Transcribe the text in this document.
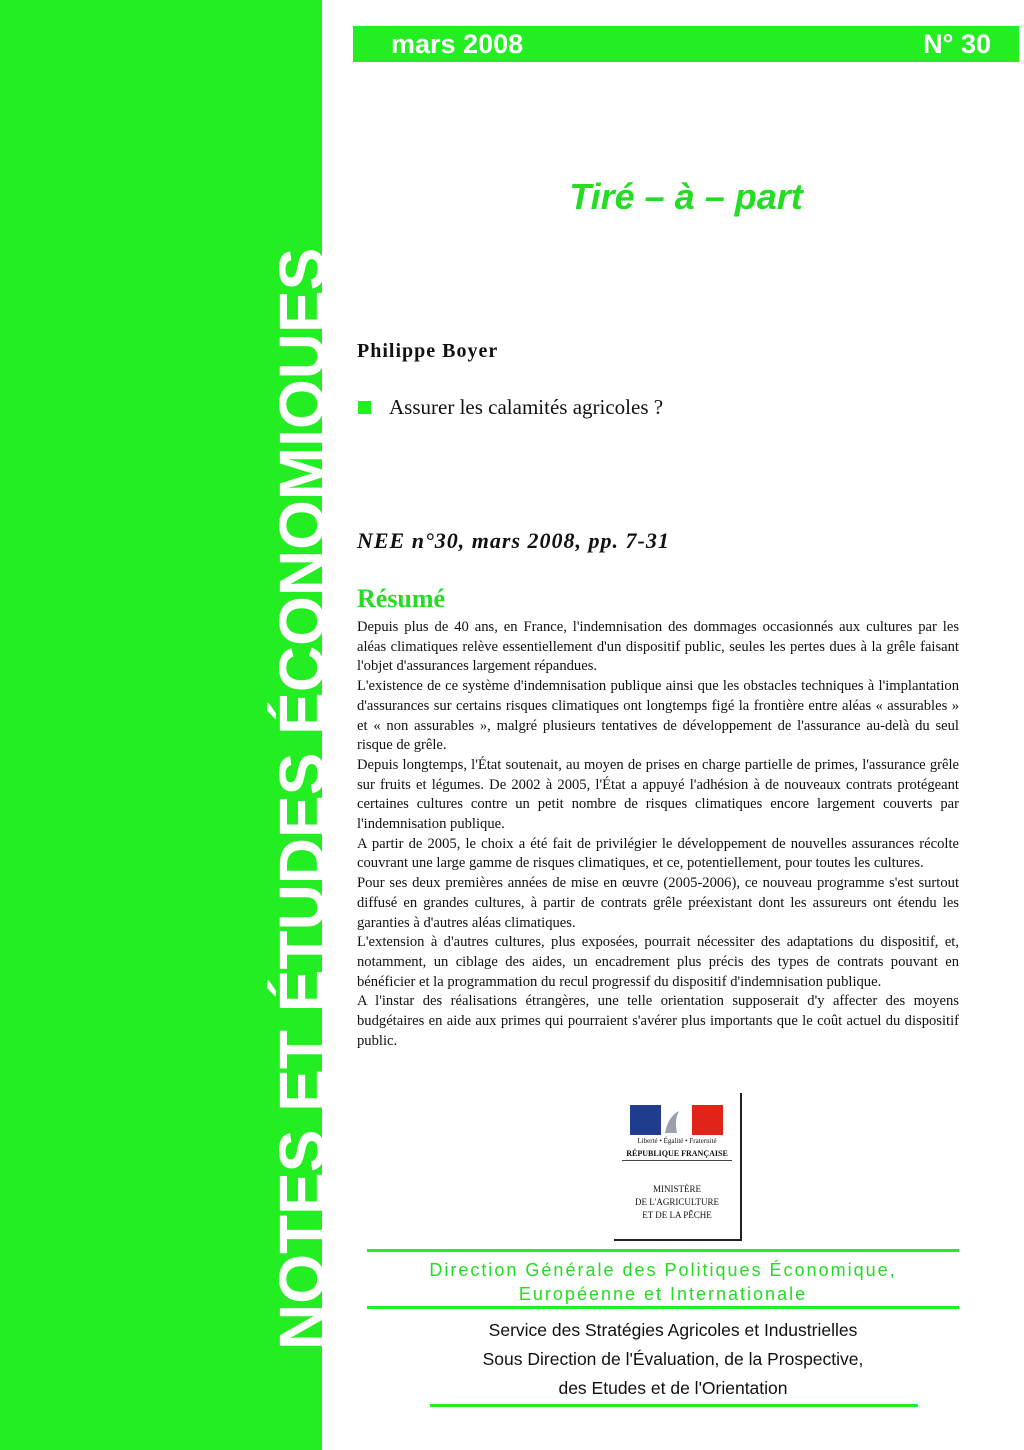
NOTES ET ÉTUDES ÉCONOMIQUES
mars 2008	N° 30
Tiré – à – part
Philippe Boyer
Assurer les calamités agricoles ?
NEE n°30, mars 2008, pp. 7-31
Résumé

Depuis plus de 40 ans, en France, l'indemnisation des dommages occasionnés aux cultures par les aléas climatiques relève essentiellement d'un dispositif public, seules les pertes dues à la grêle faisant l'objet d'assurances largement répandues.

L'existence de ce système d'indemnisation publique ainsi que les obstacles techniques à l'implantation d'assurances sur certains risques climatiques ont longtemps figé la frontière entre aléas « assurables » et « non assurables », malgré plusieurs tentatives de développement de l'assurance au-delà du seul risque de grêle.

Depuis longtemps, l'État soutenait, au moyen de prises en charge partielle de primes, l'assurance grêle sur fruits et légumes. De 2002 à 2005, l'État a appuyé l'adhésion à de nouveaux contrats protégeant certaines cultures contre un petit nombre de risques climatiques encore largement couverts par l'indemnisation publique.

A partir de 2005, le choix a été fait de privilégier le développement de nouvelles assurances récolte couvrant une large gamme de risques climatiques, et ce, potentiellement, pour toutes les cultures.

Pour ses deux premières années de mise en œuvre (2005-2006), ce nouveau programme s'est surtout diffusé en grandes cultures, à partir de contrats grêle préexistant dont les assureurs ont étendu les garanties à d'autres aléas climatiques.

L'extension à d'autres cultures, plus exposées, pourrait nécessiter des adaptations du dispositif, et, notamment, un ciblage des aides, un encadrement plus précis des types de contrats pouvant en bénéficier et la programmation du recul progressif du dispositif d'indemnisation publique.

A l'instar des réalisations étrangères, une telle orientation supposerait d'y affecter des moyens budgétaires en aide aux primes qui pourraient s'avérer plus importants que le coût actuel du dispositif public.

Liberté • Égalité • Fraternité
RÉPUBLIQUE FRANÇAISE
MINISTÈRE
DE L'AGRICULTURE
ET DE LA PÊCHE
Direction Générale des Politiques Économique,
Européenne et Internationale
Service des Stratégies Agricoles et Industrielles
Sous Direction de l'Évaluation, de la Prospective,
des Etudes et de l'Orientation
